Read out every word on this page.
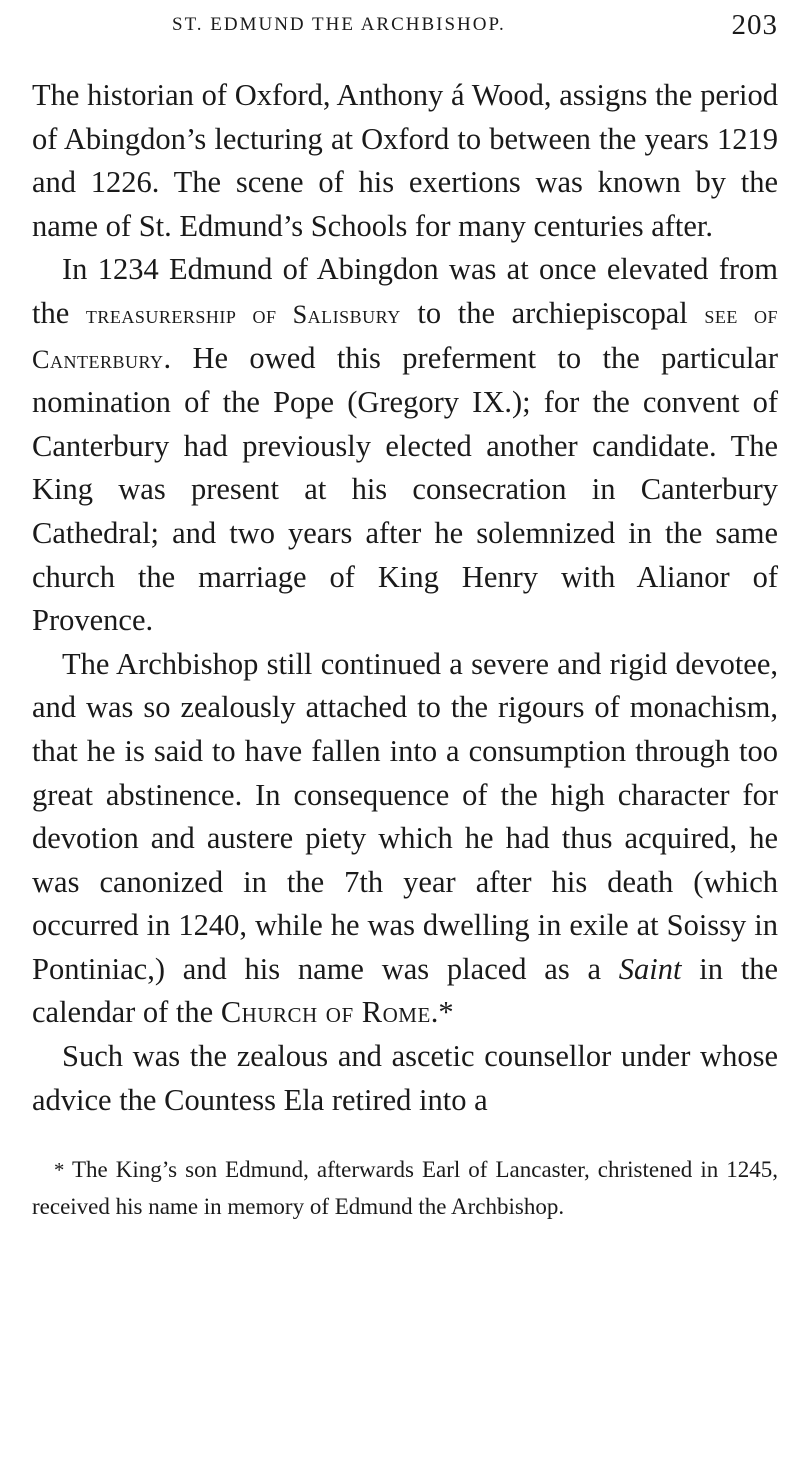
ST. EDMUND THE ARCHBISHOP.	203

The historian of Oxford, Anthony á Wood, assigns the period of Abingdon’s lecturing at Oxford to between the years 1219 and 1226. The scene of his exertions was known by the name of St. Edmund’s Schools for many centuries after.

In 1234 Edmund of Abingdon was at once elevated from the treasurership of Salisbury to the archiepiscopal see of Canterbury. He owed this preferment to the particular nomination of the Pope (Gregory IX.); for the convent of Canterbury had previously elected another candidate. The King was present at his consecration in Canterbury Cathedral; and two years after he solemnized in the same church the marriage of King Henry with Alianor of Provence.

The Archbishop still continued a severe and rigid devotee, and was so zealously attached to the rigours of monachism, that he is said to have fallen into a consumption through too great abstinence. In consequence of the high character for devotion and austere piety which he had thus acquired, he was canonized in the 7th year after his death (which occurred in 1240, while he was dwelling in exile at Soissy in Pontiniac,) and his name was placed as a Saint in the calendar of the Church of Rome.*

Such was the zealous and ascetic counsellor under whose advice the Countess Ela retired into a

* The King’s son Edmund, afterwards Earl of Lancaster, christened in 1245, received his name in memory of Edmund the Archbishop.
